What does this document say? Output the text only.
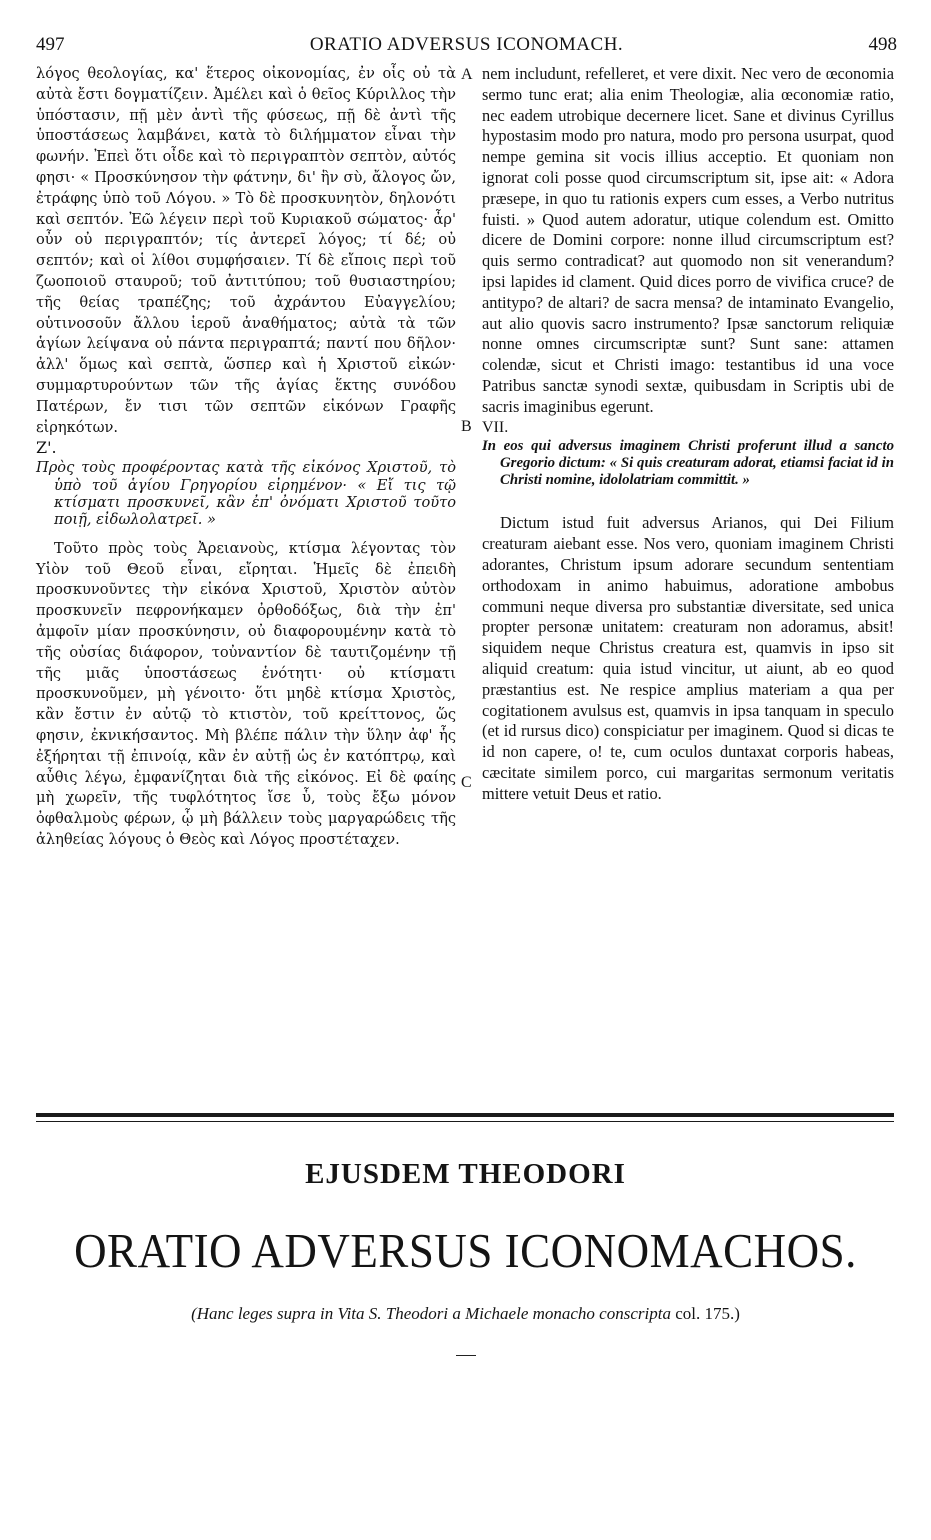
497	ORATIO ADVERSUS ICONOMACH.	498

λόγος θεολογίας, κα' ἕτερος οἰκονομίας, ἐν οἷς οὐ τὰ αὐτὰ ἔστι δογματίζειν. Ἀμέλει καὶ ὁ θεῖος Κύριλλος τὴν ὑπόστασιν, πῇ μὲν ἀντὶ τῆς φύσεως, πῇ δὲ ἀντὶ τῆς ὑποστάσεως λαμβάνει, κατὰ τὸ διλήμματον εἶναι τὴν φωνήν. Ἐπεὶ ὅτι οἶδε καὶ τὸ περιγραπτὸν σεπτὸν, αὐτός φησι· « Προσκύνησον τὴν φάτνην, δι' ἣν σὺ, ἄλογος ὤν, ἐτράφης ὑπὸ τοῦ Λόγου. » Τὸ δὲ προσκυνητὸν, δηλονότι καὶ σεπτόν. Ἐῶ λέγειν περὶ τοῦ Κυριακοῦ σώματος· ἆρ' οὖν οὐ περιγραπτόν; τίς ἀντερεῖ λόγος; τί δέ; οὐ σεπτόν; καὶ οἱ λίθοι συμφήσαιεν. Τί δὲ εἴποις περὶ τοῦ ζωοποιοῦ σταυροῦ; τοῦ ἀντιτύπου; τοῦ θυσιαστηρίου; τῆς θείας τραπέζης; τοῦ ἀχράντου Εὐαγγελίου; οὑτινοσοῦν ἄλλου ἱεροῦ ἀναθήματος; αὐτὰ τὰ τῶν ἁγίων λείψανα οὐ πάντα περιγραπτά; παντί που δῆλον· ἀλλ' ὅμως καὶ σεπτὰ, ὥσπερ καὶ ἡ Χριστοῦ εἰκών· συμμαρτυρούντων τῶν τῆς ἁγίας ἕκτης συνόδου Πατέρων, ἔν τισι τῶν σεπτῶν εἰκόνων Γραφῆς εἰρηκότων.

Ζ'.

Πρὸς τοὺς προφέροντας κατὰ τῆς εἰκόνος Χριστοῦ, τὸ ὑπὸ τοῦ ἁγίου Γρηγορίου εἰρημένον· « Εἴ τις τῷ κτίσματι προσκυνεῖ, κἂν ἐπ' ὀνόματι Χριστοῦ τοῦτο ποιῇ, εἰδωλολατρεῖ. »

Τοῦτο πρὸς τοὺς Ἀρειανοὺς, κτίσμα λέγοντας τὸν Υἱὸν τοῦ Θεοῦ εἶναι, εἴρηται. Ἡμεῖς δὲ ἐπειδὴ προσκυνοῦντες τὴν εἰκόνα Χριστοῦ, Χριστὸν αὐτὸν προσκυνεῖν πεφρονήκαμεν ὀρθοδόξως, διὰ τὴν ἐπ' ἀμφοῖν μίαν προσκύνησιν, οὐ διαφορουμένην κατὰ τὸ τῆς οὐσίας διάφορον, τοὐναντίον δὲ ταυτιζομένην τῇ τῆς μιᾶς ὑποστάσεως ἑνότητι· οὐ κτίσματι προσκυνοῦμεν, μὴ γένοιτο· ὅτι μηδὲ κτίσμα Χριστὸς, κἂν ἔστιν ἐν αὐτῷ τὸ κτιστὸν, τοῦ κρείττονος, ὥς φησιν, ἐκνικήσαντος. Μὴ βλέπε πάλιν τὴν ὕλην ἀφ' ἧς ἐξήρηται τῇ ἐπινοίᾳ, κἂν ἐν αὐτῇ ὡς ἐν κατόπτρῳ, καὶ αὖθις λέγω, ἐμφανίζηται διὰ τῆς εἰκόνος. Εἰ δὲ φαίης μὴ χωρεῖν, τῆς τυφλότητος ἴσε ὗ, τοὺς ἔξω μόνον ὀφθαλμοὺς φέρων, ᾧ μὴ βάλλειν τοὺς μαργαρώδεις τῆς ἀληθείας λόγους ὁ Θεὸς καὶ Λόγος προστέταχεν.

nem includunt, refelleret, et vere dixit. Nec vero de œconomia sermo tunc erat; alia enim Theologiæ, alia œconomiæ ratio, nec eadem utrobique decernere licet. Sane et divinus Cyrillus hypostasim modo pro natura, modo pro persona usurpat, quod nempe gemina sit vocis illius acceptio. Et quoniam non ignorat coli posse quod circumscriptum sit, ipse ait: « Adora præsepe, in quo tu rationis expers cum esses, a Verbo nutritus fuisti. » Quod autem adoratur, utique colendum est. Omitto dicere de Domini corpore: nonne illud circumscriptum est? quis sermo contradicat? aut quomodo non sit venerandum? ipsi lapides id clament. Quid dices porro de vivifica cruce? de antitypo? de altari? de sacra mensa? de intaminato Evangelio, aut alio quovis sacro instrumento? Ipsæ sanctorum reliquiæ nonne omnes circumscriptæ sunt? Sunt sane: attamen colendæ, sicut et Christi imago: testantibus id una voce Patribus sanctæ synodi sextæ, quibusdam in Scriptis ubi de sacris imaginibus egerunt.

VII.

In eos qui adversus imaginem Christi proferunt illud a sancto Gregorio dictum: « Si quis creaturam adorat, etiamsi faciat id in Christi nomine, idololatriam committit. »

Dictum istud fuit adversus Arianos, qui Dei Filium creaturam aiebant esse. Nos vero, quoniam imaginem Christi adorantes, Christum ipsum adorare secundum sententiam orthodoxam in animo habuimus, adoratione ambobus communi neque diversa pro substantiæ diversitate, sed unica propter personæ unitatem: creaturam non adoramus, absit! siquidem neque Christus creatura est, quamvis in ipso sit aliquid creatum: quia istud vincitur, ut aiunt, ab eo quod præstantius est. Ne respice amplius materiam a qua per cogitationem avulsus est, quamvis in ipsa tanquam in speculo (et id rursus dico) conspiciatur per imaginem. Quod si dicas te id non capere, o! te, cum oculos duntaxat corporis habeas, cæcitate similem porco, cui margaritas sermonum veritatis mittere vetuit Deus et ratio.

A
B
C
EJUSDEM THEODORI
ORATIO ADVERSUS ICONOMACHOS.
(Hanc leges supra in Vita S. Theodori a Michaele monacho conscripta col. 175.)
